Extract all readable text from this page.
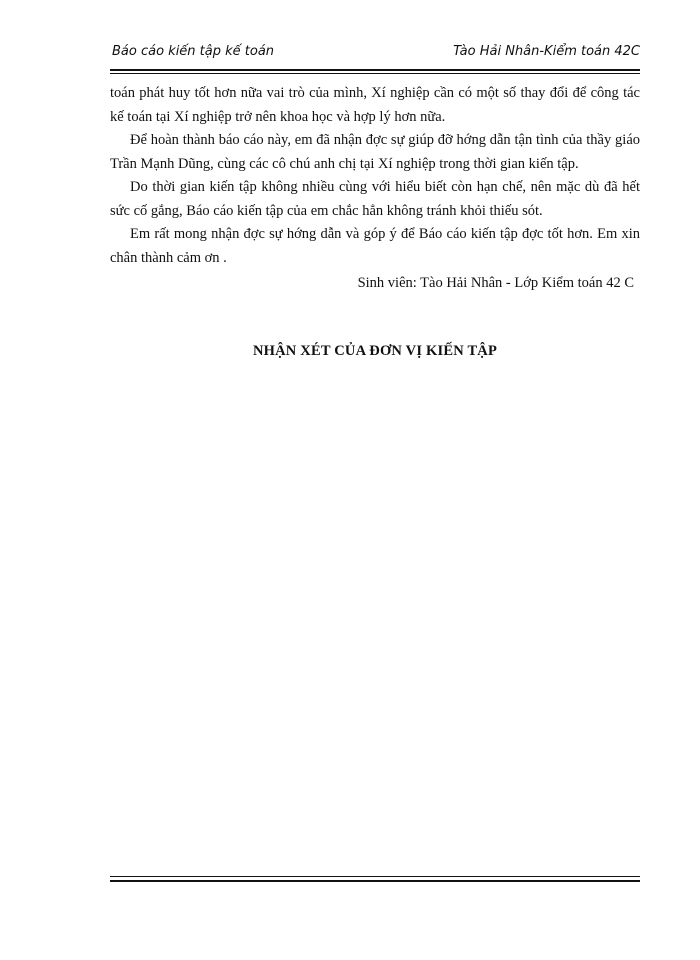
Báo cáo kiến tập kế toán	Tào Hải Nhân-Kiểm toán 42C

toán phát huy tốt hơn nữa vai trò của mình, Xí nghiệp cần có một số thay đổi để công tác kế toán tại Xí nghiệp trở nên khoa học và hợp lý hơn nữa.

Để hoàn thành báo cáo này, em đã nhận đợc sự giúp đỡ hớng dẫn tận tình của thầy giáo Trần Mạnh Dũng, cùng các cô chú anh chị tại Xí nghiệp trong thời gian kiến tập.

Do thời gian kiến tập không nhiều cùng với hiểu biết còn hạn chế, nên mặc dù đã hết sức cố gắng, Báo cáo kiến tập của em chắc hẳn không tránh khỏi thiếu sót.

Em rất mong nhận đợc sự hớng dẫn và góp ý để Báo cáo kiến tập đợc tốt hơn. Em xin chân thành cảm ơn .

Sinh viên: Tào Hải Nhân - Lớp Kiểm toán 42 C

NHẬN XÉT CỦA ĐƠN VỊ KIẾN TẬP
